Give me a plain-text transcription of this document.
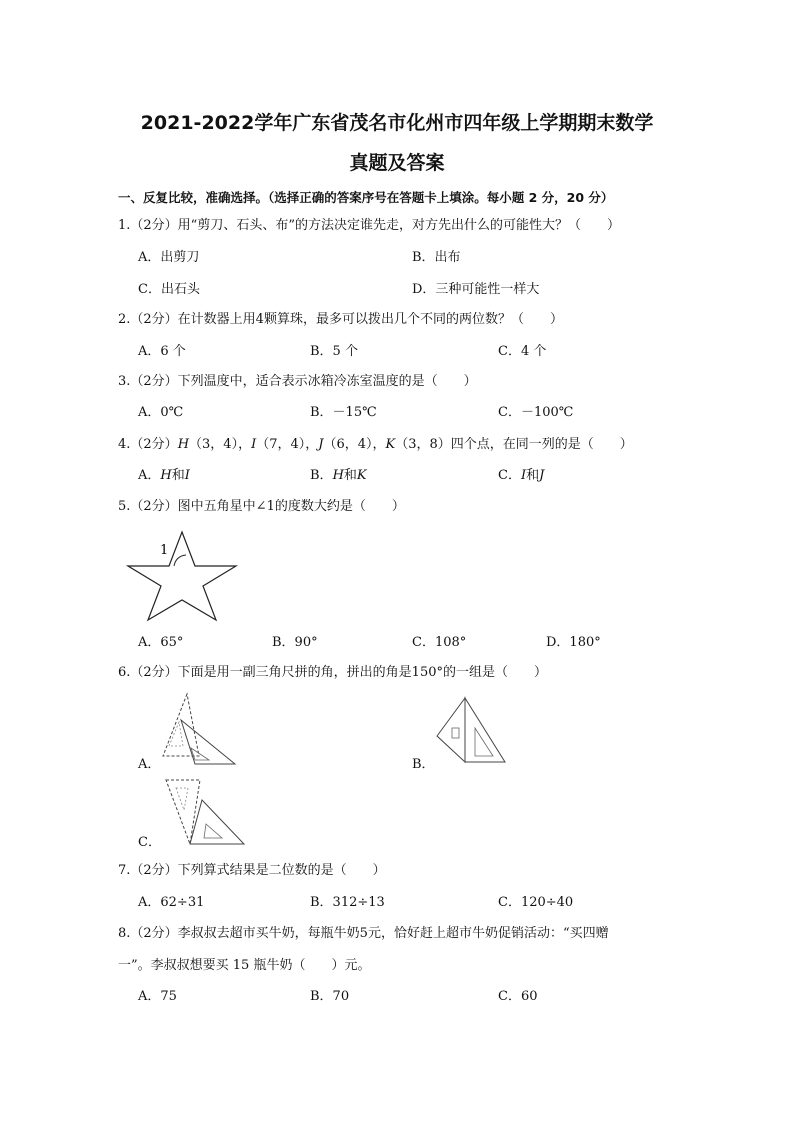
2021-2022学年广东省茂名市化州市四年级上学期期末数学
真题及答案
一、反复比较，准确选择。（选择正确的答案序号在答题卡上填涂。每小题 2 分，20 分）
1.（2分）用“剪刀、石头、布”的方法决定谁先走，对方先出什么的可能性大？（　　）
A．出剪刀	B．出布
C．出石头	D．三种可能性一样大
2.（2分）在计数器上用4颗算珠，最多可以拨出几个不同的两位数？（　　）
A．6 个	B．5 个	C．4 个
3.（2分）下列温度中，适合表示冰箱冷冻室温度的是（　　）
A．0℃	B．－15℃	C．－100℃
4.（2分）H（3，4），I（7，4），J（6，4），K（3，8）四个点，在同一列的是（　　）
A．H和I	B．H和K	C．I和J
5.（2分）图中五角星中∠1的度数大约是（　　）
1
A．65°	B．90°	C．108°	D．180°
6.（2分）下面是用一副三角尺拼的角，拼出的角是150°的一组是（　　）
A．	B．
C．
7.（2分）下列算式结果是二位数的是（　　）
A．62÷31	B．312÷13	C．120÷40
8.（2分）李叔叔去超市买牛奶，每瓶牛奶5元，恰好赶上超市牛奶促销活动：“买四赠
一”。李叔叔想要买 15 瓶牛奶（　　）元。
A．75	B．70	C．60
